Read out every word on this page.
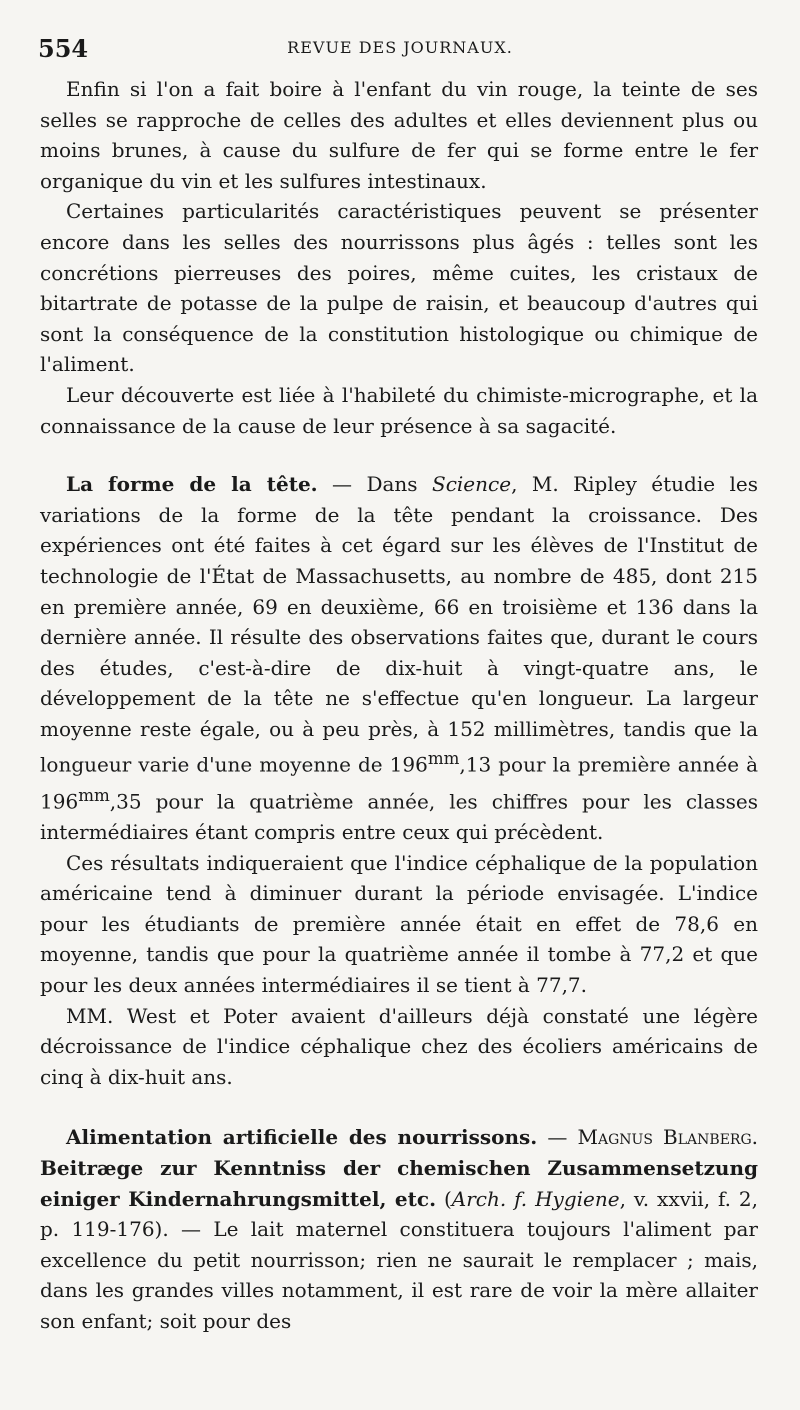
554	REVUE DES JOURNAUX.

Enfin si l'on a fait boire à l'enfant du vin rouge, la teinte de ses selles se rapproche de celles des adultes et elles deviennent plus ou moins brunes, à cause du sulfure de fer qui se forme entre le fer organique du vin et les sulfures intestinaux.

Certaines particularités caractéristiques peuvent se présenter encore dans les selles des nourrissons plus âgés : telles sont les concrétions pierreuses des poires, même cuites, les cristaux de bitartrate de potasse de la pulpe de raisin, et beaucoup d'autres qui sont la conséquence de la constitution histologique ou chimique de l'aliment.

Leur découverte est liée à l'habileté du chimiste-micrographe, et la connaissance de la cause de leur présence à sa sagacité.

La forme de la tête. — Dans Science, M. Ripley étudie les variations de la forme de la tête pendant la croissance. Des expériences ont été faites à cet égard sur les élèves de l'Institut de technologie de l'État de Massachusetts, au nombre de 485, dont 215 en première année, 69 en deuxième, 66 en troisième et 136 dans la dernière année. Il résulte des observations faites que, durant le cours des études, c'est-à-dire de dix-huit à vingt-quatre ans, le développement de la tête ne s'effectue qu'en longueur. La largeur moyenne reste égale, ou à peu près, à 152 millimètres, tandis que la longueur varie d'une moyenne de $196^{mm},13$ pour la première année à $196^{mm},35$ pour la quatrième année, les chiffres pour les classes intermédiaires étant compris entre ceux qui précèdent.

Ces résultats indiqueraient que l'indice céphalique de la population américaine tend à diminuer durant la période envisagée. L'indice pour les étudiants de première année était en effet de 78,6 en moyenne, tandis que pour la quatrième année il tombe à 77,2 et que pour les deux années intermédiaires il se tient à 77,7.

MM. West et Poter avaient d'ailleurs déjà constaté une légère décroissance de l'indice céphalique chez des écoliers américains de cinq à dix-huit ans.

Alimentation artificielle des nourrissons. — Magnus Blanberg. Beitræge zur Kenntniss der chemischen Zusammensetzung einiger Kindernahrungsmittel, etc. (Arch. f. Hygiene, v. xxvii, f. 2, p. 119-176). — Le lait maternel constituera toujours l'aliment par excellence du petit nourrisson; rien ne saurait le remplacer ; mais, dans les grandes villes notamment, il est rare de voir la mère allaiter son enfant; soit pour des
